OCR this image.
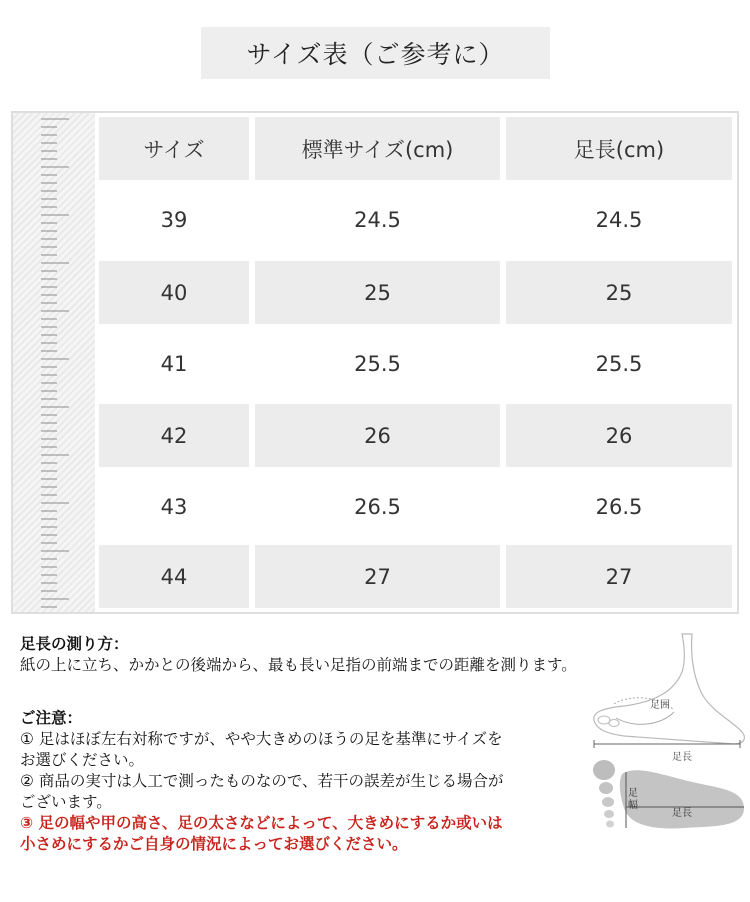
サイズ表（ご参考に）
サイズ	標準サイズ(cm)	足長(cm)
39	24.5	24.5
40	25	25
41	25.5	25.5
42	26	26
43	26.5	26.5
44	27	27
足長の測り方：
紙の上に立ち、かかとの後端から、最も長い足指の前端までの距離を測ります。
ご注意：
① 足はほぼ左右対称ですが、やや大きめのほうの足を基準にサイズを
お選びください。
② 商品の実寸は人工で測ったものなので、若干の誤差が生じる場合が
ございます。
③ 足の幅や甲の高さ、足の太さなどによって、大きめにするか或いは
小さめにするかご自身の情況によってお選びください。
足囲
足長
足幅
足長
